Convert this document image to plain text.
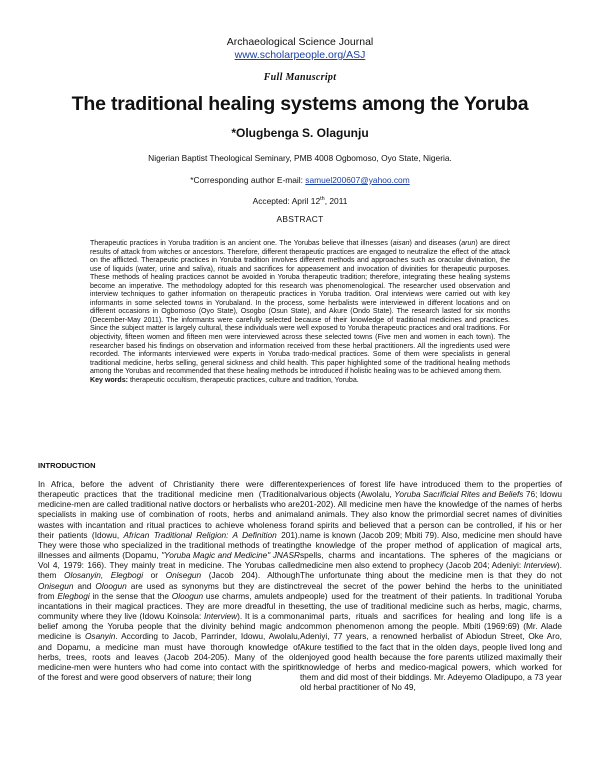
Archaeological Science Journal
www.scholarpeople.org/ASJ
Full Manuscript
The traditional healing systems among the Yoruba
*Olugbenga S. Olagunju
Nigerian Baptist Theological Seminary, PMB 4008 Ogbomoso, Oyo State, Nigeria.
*Corresponding author E-mail: samuel200607@yahoo.com
Accepted: April 12th, 2011
ABSTRACT

Therapeutic practices in Yoruba tradition is an ancient one. The Yorubas believe that illnesses (aisan) and diseases (arun) are direct results of attack from witches or ancestors. Therefore, different therapeutic practices are engaged to neutralize the effect of the attack on the afflicted. Therapeutic practices in Yoruba tradition involves different methods and approaches such as oracular divination, the use of liquids (water, urine and saliva), rituals and sacrifices for appeasement and invocation of divinities for therapeutic purposes. These methods of healing practices cannot be avoided in Yoruba therapeutic tradition; therefore, integrating these healing systems become an imperative. The methodology adopted for this research was phenomenological. The researcher used observation and interview techniques to gather information on therapeutic practices in Yoruba tradition. Oral interviews were carried out with key informants in some selected towns in Yorubaland. In the process, some herbalists were interviewed in different locations and on different occasions in Ogbomoso (Oyo State), Osogbo (Osun State), and Akure (Ondo State). The research lasted for six months (December-May 2011). The informants were carefully selected because of their knowledge of traditional medicines and practices. Since the subject matter is largely cultural, these individuals were well exposed to Yoruba therapeutic practices and oral traditions. For objectivity, fifteen women and fifteen men were interviewed across these selected towns (Five men and women in each town). The researcher based his findings on observation and information received from these herbal practitioners. All the ingredients used were recorded. The informants interviewed were experts in Yoruba trado-medical practices. Some of them were specialists in general traditional medicine, herbs selling, general sickness and child health. This paper highlighted some of the traditional healing methods among the Yorubas and recommended that these healing methods be introduced if holistic healing was to be achieved among them.
Key words: therapeutic occultism, therapeutic practices, culture and tradition, Yoruba.

INTRODUCTION

In Africa, before the advent of Christianity there were different therapeutic practices that the traditional medicine men (Traditional medicine-men are called traditional native doctors or herbalists who are specialists in making use of combination of roots, herbs and animal wastes with incantation and ritual practices to achieve wholeness for their patients (Idowu, African Traditional Religion: A Definition 201). They were those who specialized in the traditional methods of treating illnesses and ailments (Dopamu, "Yoruba Magic and Medicine" JNASR Vol 4, 1979: 166). They mainly treat in medicine. The Yorubas called them Olosanyin, Elegbogi or Onisegun (Jacob 204). Although Onisegun and Oloogun are used as synonyms but they are distinct from Elegbogi in the sense that the Oloogun use charms, amulets and incantations in their magical practices. They are more dreadful in the community where they live (Idowu Koinsola: Interview). It is a common belief among the Yoruba people that the divinity behind magic and medicine is Osanyin. According to Jacob, Parrinder, Idowu, Awolalu, and Dopamu, a medicine man must have thorough knowledge of herbs, trees, roots and leaves (Jacob 204-205). Many of the old medicine-men were hunters who had come into contact with the spirit of the forest and were good observers of nature; their long

experiences of forest life have introduced them to the properties of various objects (Awolalu, Yoruba Sacrificial Rites and Beliefs 76; Idowu 201-202). All medicine men have the knowledge of the names of herbs and animals. They also know the primordial secret names of divinities and spirits and believed that a person can be controlled, if his or her name is known (Jacob 209; Mbiti 79). Also, medicine men should have the knowledge of the proper method of application of magical arts, spells, charms and incantations. The spheres of the magicians or medicine men also extend to prophecy (Jacob 204; Adeniyi: Interview). The unfortunate thing about the medicine men is that they do not reveal the secret of the power behind the herbs to the uninitiated people) used for the treatment of their patients. In traditional Yoruba setting, the use of traditional medicine such as herbs, magic, charms, animal parts, rituals and sacrifices for healing and long life is a common phenomenon among the people. Mbiti (1969:69) (Mr. Alade Adeniyi, 77 years, a renowned herbalist of Abiodun Street, Oke Aro, Akure testified to the fact that in the olden days, people lived long and enjoyed good health because the fore parents utilized maximally their knowledge of herbs and medico-magical powers, which worked for them and did most of their biddings. Mr. Adeyemo Oladipupo, a 73 year old herbal practitioner of No 49,
